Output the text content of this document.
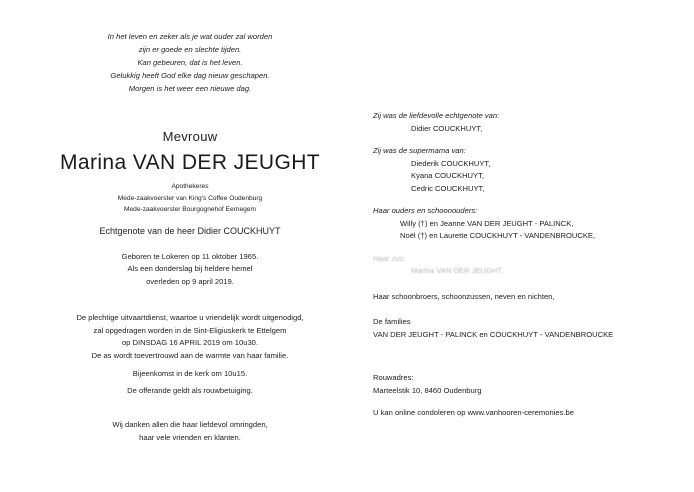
In het leven en zeker als je wat ouder zal worden
zijn er goede en slechte tijden.
Kan gebeuren, dat is het leven.
Gelukkig heeft God elke dag nieuw geschapen.
Morgen is het weer een nieuwe dag.
Mevrouw
Marina VAN DER JEUGHT
Apothekeres
Mede-zaakvoerster van King's Coffee Oudenburg
Mede-zaakvoerster Bourgognehof Eernegem
Echtgenote van de heer Didier COUCKHUYT
Geboren te Lokeren op 11 oktober 1965.
Als een donderslag bij heldere hemel
overleden op 9 april 2019.
De plechtige uitvaartdienst, waartoe u vriendelijk wordt uitgenodigd,
zal opgedragen worden in de Sint-Eligiuskerk te Ettelgem
op DINSDAG 16 APRIL 2019 om 10u30.
De as wordt toevertrouwd aan de warmte van haar familie.
Bijeenkomst in de kerk om 10u15.
De offerande geldt als rouwbetuiging.
Wij danken allen die haar liefdevol omringden,
haar vele vrienden en klanten.
Zij was de liefdevolle echtgenote van:
Didier COUCKHUYT,
Zij was de supermama van:
Diederik COUCKHUYT,
Kyana COUCKHUYT,
Cedric COUCKHUYT,
Haar ouders en schoonouders:
Willy (†) en Jeanne VAN DER JEUGHT - PALINCK,
Noël (†) en Laurette COUCKHUYT - VANDENBROUCKE,
Haar zus:
Marina VAN DER JEUGHT,
Haar schoonbroers, schoonzussen, neven en nichten,
De families
VAN DER JEUGHT - PALINCK en COUCKHUYT - VANDENBROUCKE
Rouwadres:
Marteelstik 10, 8460 Oudenburg
U kan online condoleren op www.vanhooren-ceremonies.be
